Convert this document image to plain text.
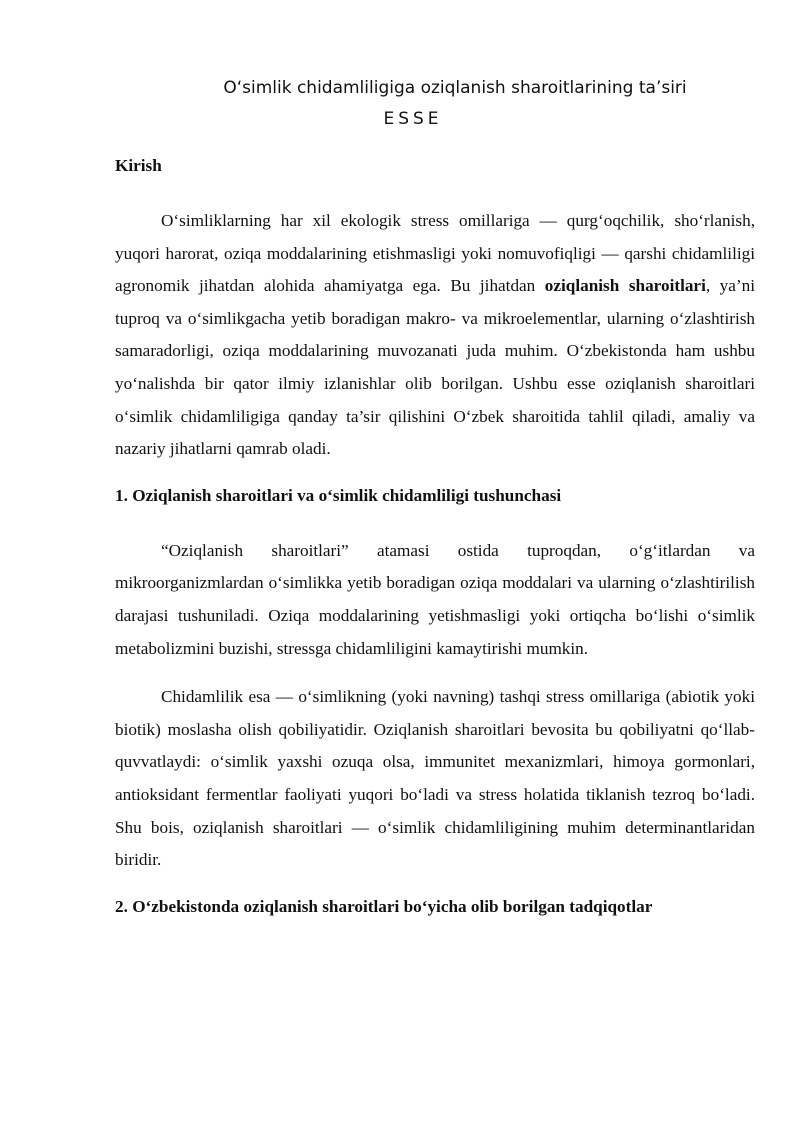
O‘simlik chidamliligiga oziqlanish sharoitlarining ta’siri
ESSE
Kirish

O‘simliklarning har xil ekologik stress omillariga — qurg‘oqchilik, sho‘rlanish, yuqori harorat, oziqa moddalarining etishmasligi yoki nomuvofiqligi — qarshi chidamliligi agronomik jihatdan alohida ahamiyatga ega. Bu jihatdan oziqlanish sharoitlari, ya’ni tuproq va o‘simlikgacha yetib boradigan makro- va mikroelementlar, ularning o‘zlashtirish samaradorligi, oziqa moddalarining muvozanati juda muhim. O‘zbekistonda ham ushbu yo‘nalishda bir qator ilmiy izlanishlar olib borilgan. Ushbu esse oziqlanish sharoitlari o‘simlik chidamliligiga qanday ta’sir qilishini O‘zbek sharoitida tahlil qiladi, amaliy va nazariy jihatlarni qamrab oladi.

1. Oziqlanish sharoitlari va o‘simlik chidamliligi tushunchasi

“Oziqlanish sharoitlari” atamasi ostida tuproqdan, o‘g‘itlardan va mikroorganizmlardan o‘simlikka yetib boradigan oziqa moddalari va ularning o‘zlashtirilish darajasi tushuniladi. Oziqa moddalarining yetishmasligi yoki ortiqcha bo‘lishi o‘simlik metabolizmini buzishi, stressga chidamliligini kamaytirishi mumkin.

Chidamlilik esa — o‘simlikning (yoki navning) tashqi stress omillariga (abiotik yoki biotik) moslasha olish qobiliyatidir. Oziqlanish sharoitlari bevosita bu qobiliyatni qo‘llab-quvvatlaydi: o‘simlik yaxshi ozuqa olsa, immunitet mexanizmlari, himoya gormonlari, antioksidant fermentlar faoliyati yuqori bo‘ladi va stress holatida tiklanish tezroq bo‘ladi. Shu bois, oziqlanish sharoitlari — o‘simlik chidamliligining muhim determinantlaridan biridir.

2. O‘zbekistonda oziqlanish sharoitlari bo‘yicha olib borilgan tadqiqotlar
